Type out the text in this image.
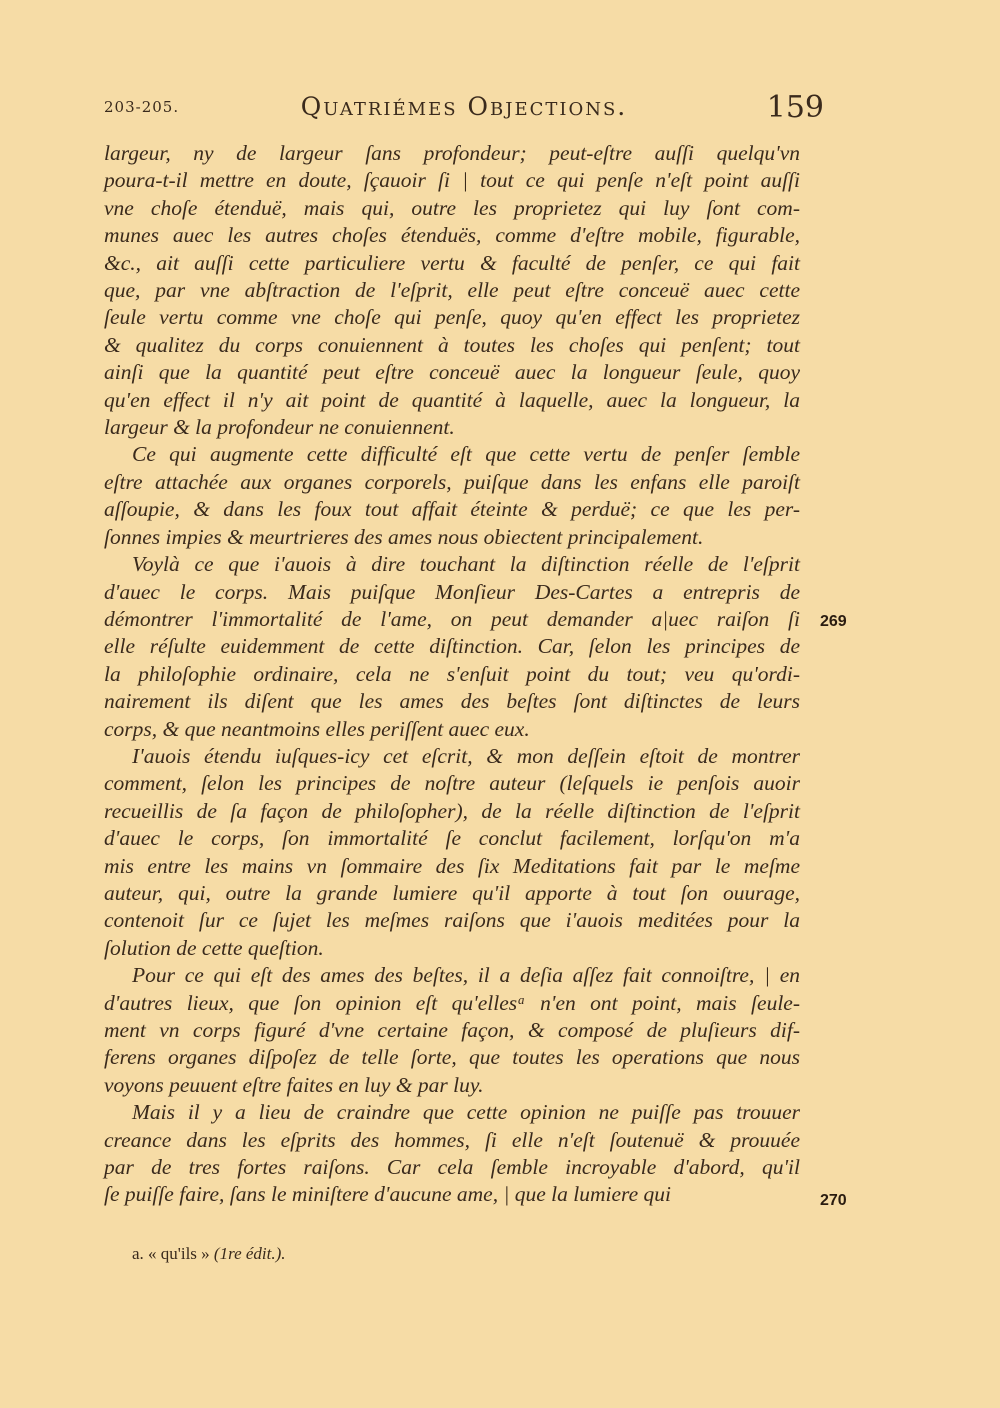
203-205.	Quatriémes Objections.	159
largeur, ny de largeur ſans profondeur; peut-eſtre auſſi quelqu'vn
poura-t-il mettre en doute, ſçauoir ſi | tout ce qui penſe n'eſt point auſſi
vne choſe étenduë, mais qui, outre les proprietez qui luy ſont com-
munes auec les autres choſes étenduës, comme d'eſtre mobile, figurable,
&c., ait auſſi cette particuliere vertu & faculté de penſer, ce qui fait
que, par vne abſtraction de l'eſprit, elle peut eſtre conceuë auec cette
ſeule vertu comme vne choſe qui penſe, quoy qu'en effect les proprietez
& qualitez du corps conuiennent à toutes les choſes qui penſent; tout
ainſi que la quantité peut eſtre conceuë auec la longueur ſeule, quoy
qu'en effect il n'y ait point de quantité à laquelle, auec la longueur, la
largeur & la profondeur ne conuiennent.
Ce qui augmente cette difficulté eſt que cette vertu de penſer ſemble
eſtre attachée aux organes corporels, puiſque dans les enfans elle paroiſt
aſſoupie, & dans les foux tout affait éteinte & perduë; ce que les per-
ſonnes impies & meurtrieres des ames nous obiectent principalement.
Voylà ce que i'auois à dire touchant la diſtinction réelle de l'eſprit
d'auec le corps. Mais puiſque Monſieur Des-Cartes a entrepris de
démontrer l'immortalité de l'ame, on peut demander a|uec raiſon ſi
elle réſulte euidemment de cette diſtinction. Car, ſelon les principes de
la philoſophie ordinaire, cela ne s'enſuit point du tout; veu qu'ordi-
nairement ils diſent que les ames des beſtes ſont diſtinctes de leurs
corps, & que neantmoins elles periſſent auec eux.
I'auois étendu iuſques-icy cet eſcrit, & mon deſſein eſtoit de montrer
comment, ſelon les principes de noſtre auteur (leſquels ie penſois auoir
recueillis de ſa façon de philoſopher), de la réelle diſtinction de l'eſprit
d'auec le corps, ſon immortalité ſe conclut facilement, lorſqu'on m'a
mis entre les mains vn ſommaire des ſix Meditations fait par le meſme
auteur, qui, outre la grande lumiere qu'il apporte à tout ſon ouurage,
contenoit ſur ce ſujet les meſmes raiſons que i'auois meditées pour la
ſolution de cette queſtion.
Pour ce qui eſt des ames des beſtes, il a deſia aſſez fait connoiſtre, | en
d'autres lieux, que ſon opinion eſt qu'ellesᵃ n'en ont point, mais ſeule-
ment vn corps figuré d'vne certaine façon, & composé de pluſieurs dif-
ferens organes diſpoſez de telle ſorte, que toutes les operations que nous
voyons peuuent eſtre faites en luy & par luy.
Mais il y a lieu de craindre que cette opinion ne puiſſe pas trouuer
creance dans les eſprits des hommes, ſi elle n'eſt ſoutenuë & prouuée
par de tres fortes raiſons. Car cela ſemble incroyable d'abord, qu'il
ſe puiſſe faire, ſans le miniſtere d'aucune ame, | que la lumiere qui
269
270
a. « qu'ils » (1re édit.).
